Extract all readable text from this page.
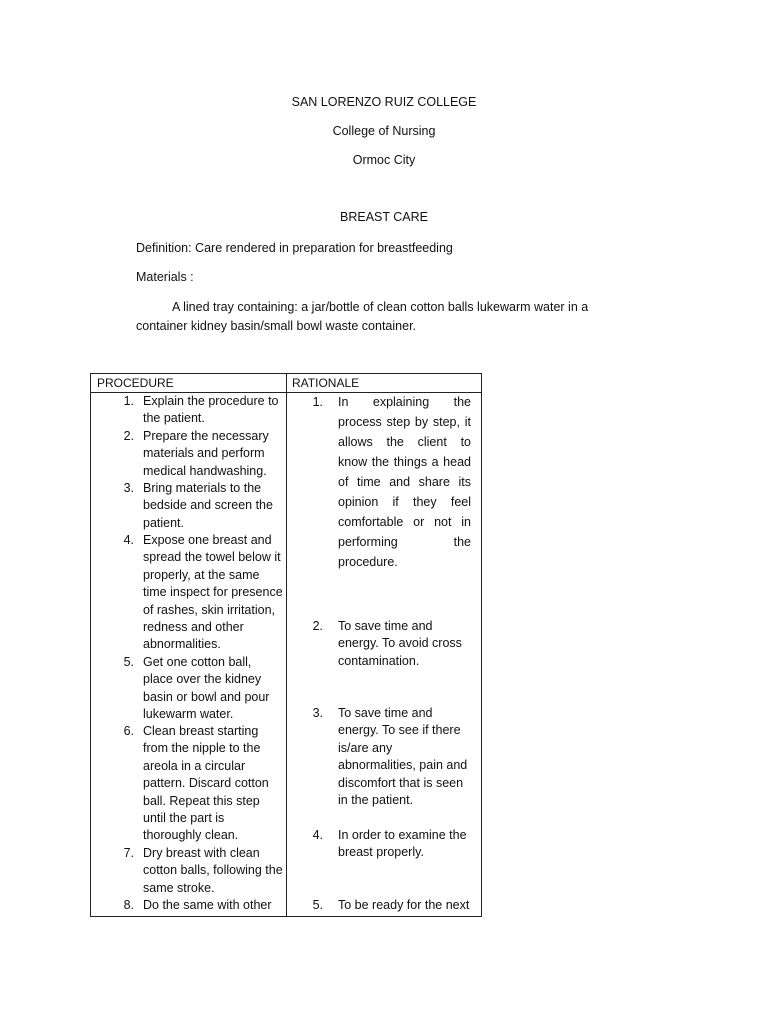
SAN LORENZO RUIZ COLLEGE
College of Nursing
Ormoc City
BREAST CARE
Definition: Care rendered in preparation for breastfeeding
Materials :
A lined tray containing: a jar/bottle of clean cotton balls lukewarm water in a container kidney basin/small bowl waste container.
PROCEDURE	RATIONALE
1. Explain the procedure to the patient.
2. Prepare the necessary materials and perform medical handwashing.
3. Bring materials to the bedside and screen the patient.
4. Expose one breast and spread the towel below it properly, at the same time inspect for presence of rashes, skin irritation, redness and other abnormalities.
5. Get one cotton ball, place over the kidney basin or bowl and pour lukewarm water.
6. Clean breast starting from the nipple to the areola in a circular pattern. Discard cotton ball. Repeat this step until the part is thoroughly clean.
7. Dry breast with clean cotton balls, following the same stroke.
8. Do the same with other
1. In explaining the process step by step, it allows the client to know the things a head of time and share its opinion if they feel comfortable or not in performing the
procedure.
2. To save time and energy. To avoid cross contamination.
3. To save time and energy. To see if there is/are any abnormalities, pain and discomfort that is seen in the patient.
4. In order to examine the breast properly.
5. To be ready for the next
